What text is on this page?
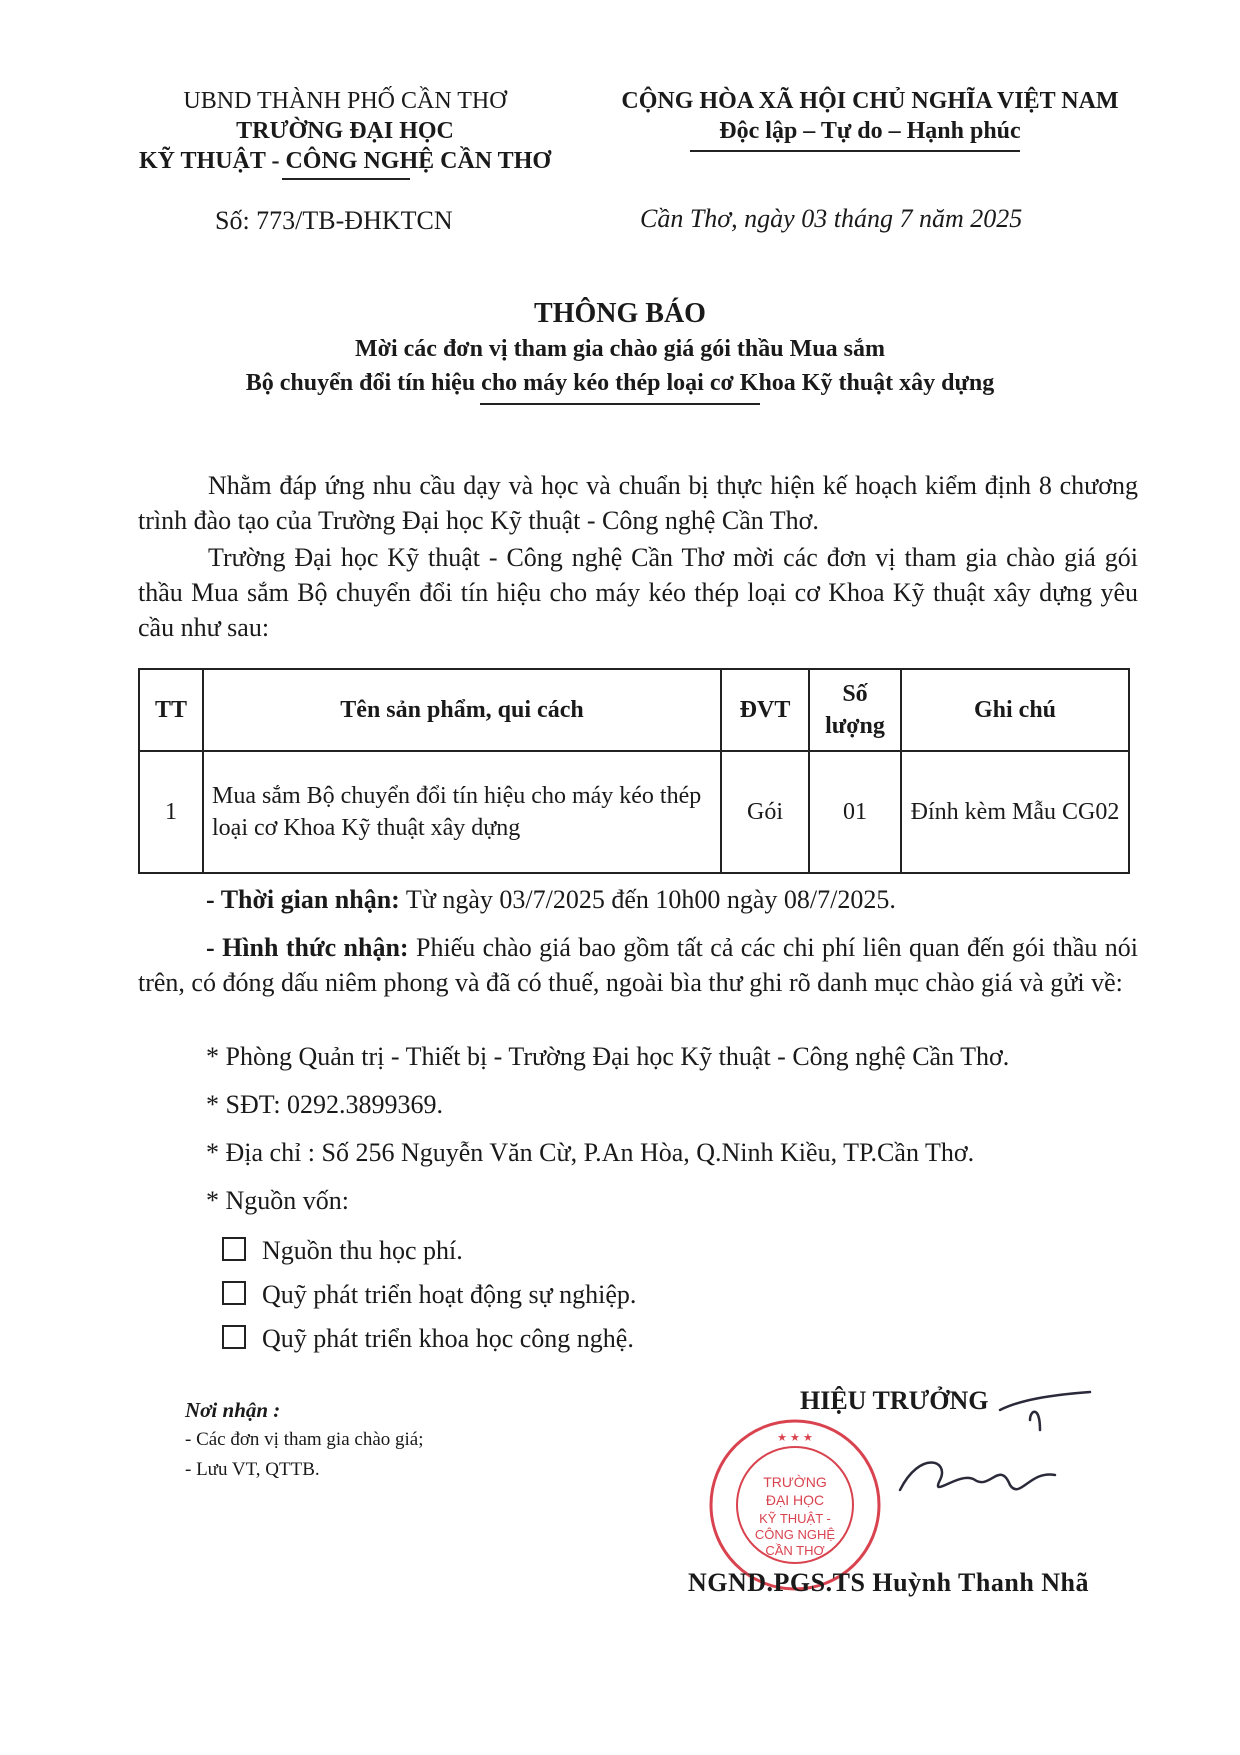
UBND THÀNH PHỐ CẦN THƠ
TRƯỜNG ĐẠI HỌC
KỸ THUẬT - CÔNG NGHỆ CẦN THƠ
CỘNG HÒA XÃ HỘI CHỦ NGHĨA VIỆT NAM
Độc lập – Tự do – Hạnh phúc
Số: 773/TB-ĐHKTCN	Cần Thơ, ngày 03 tháng 7 năm 2025
THÔNG BÁO
Mời các đơn vị tham gia chào giá gói thầu Mua sắm
Bộ chuyển đổi tín hiệu cho máy kéo thép loại cơ Khoa Kỹ thuật xây dựng
Nhằm đáp ứng nhu cầu dạy và học và chuẩn bị thực hiện kế hoạch kiểm định 8 chương trình đào tạo của Trường Đại học Kỹ thuật - Công nghệ Cần Thơ.
Trường Đại học Kỹ thuật - Công nghệ Cần Thơ mời các đơn vị tham gia chào giá gói thầu Mua sắm Bộ chuyển đổi tín hiệu cho máy kéo thép loại cơ Khoa Kỹ thuật xây dựng yêu cầu như sau:
TT	Tên sản phẩm, qui cách	ĐVT	Số lượng	Ghi chú
1	Mua sắm Bộ chuyển đổi tín hiệu cho máy kéo thép loại cơ Khoa Kỹ thuật xây dựng	Gói	01	Đính kèm Mẫu CG02
- Thời gian nhận: Từ ngày 03/7/2025 đến 10h00 ngày 08/7/2025.
- Hình thức nhận: Phiếu chào giá bao gồm tất cả các chi phí liên quan đến gói thầu nói trên, có đóng dấu niêm phong và đã có thuế, ngoài bìa thư ghi rõ danh mục chào giá và gửi về:
* Phòng Quản trị - Thiết bị - Trường Đại học Kỹ thuật - Công nghệ Cần Thơ.
* SĐT: 0292.3899369.
* Địa chỉ : Số 256 Nguyễn Văn Cừ, P.An Hòa, Q.Ninh Kiều, TP.Cần Thơ.
* Nguồn vốn:
Nguồn thu học phí.
Quỹ phát triển hoạt động sự nghiệp.
Quỹ phát triển khoa học công nghệ.
Nơi nhận :
- Các đơn vị tham gia chào giá;
- Lưu VT, QTTB.
TRƯỜNG
ĐẠI HỌC
KỸ THUẬT -
CÔNG NGHỆ
CẦN THƠ
★ ★ ★
HIỆU TRƯỞNG
NGND.PGS.TS Huỳnh Thanh Nhã
